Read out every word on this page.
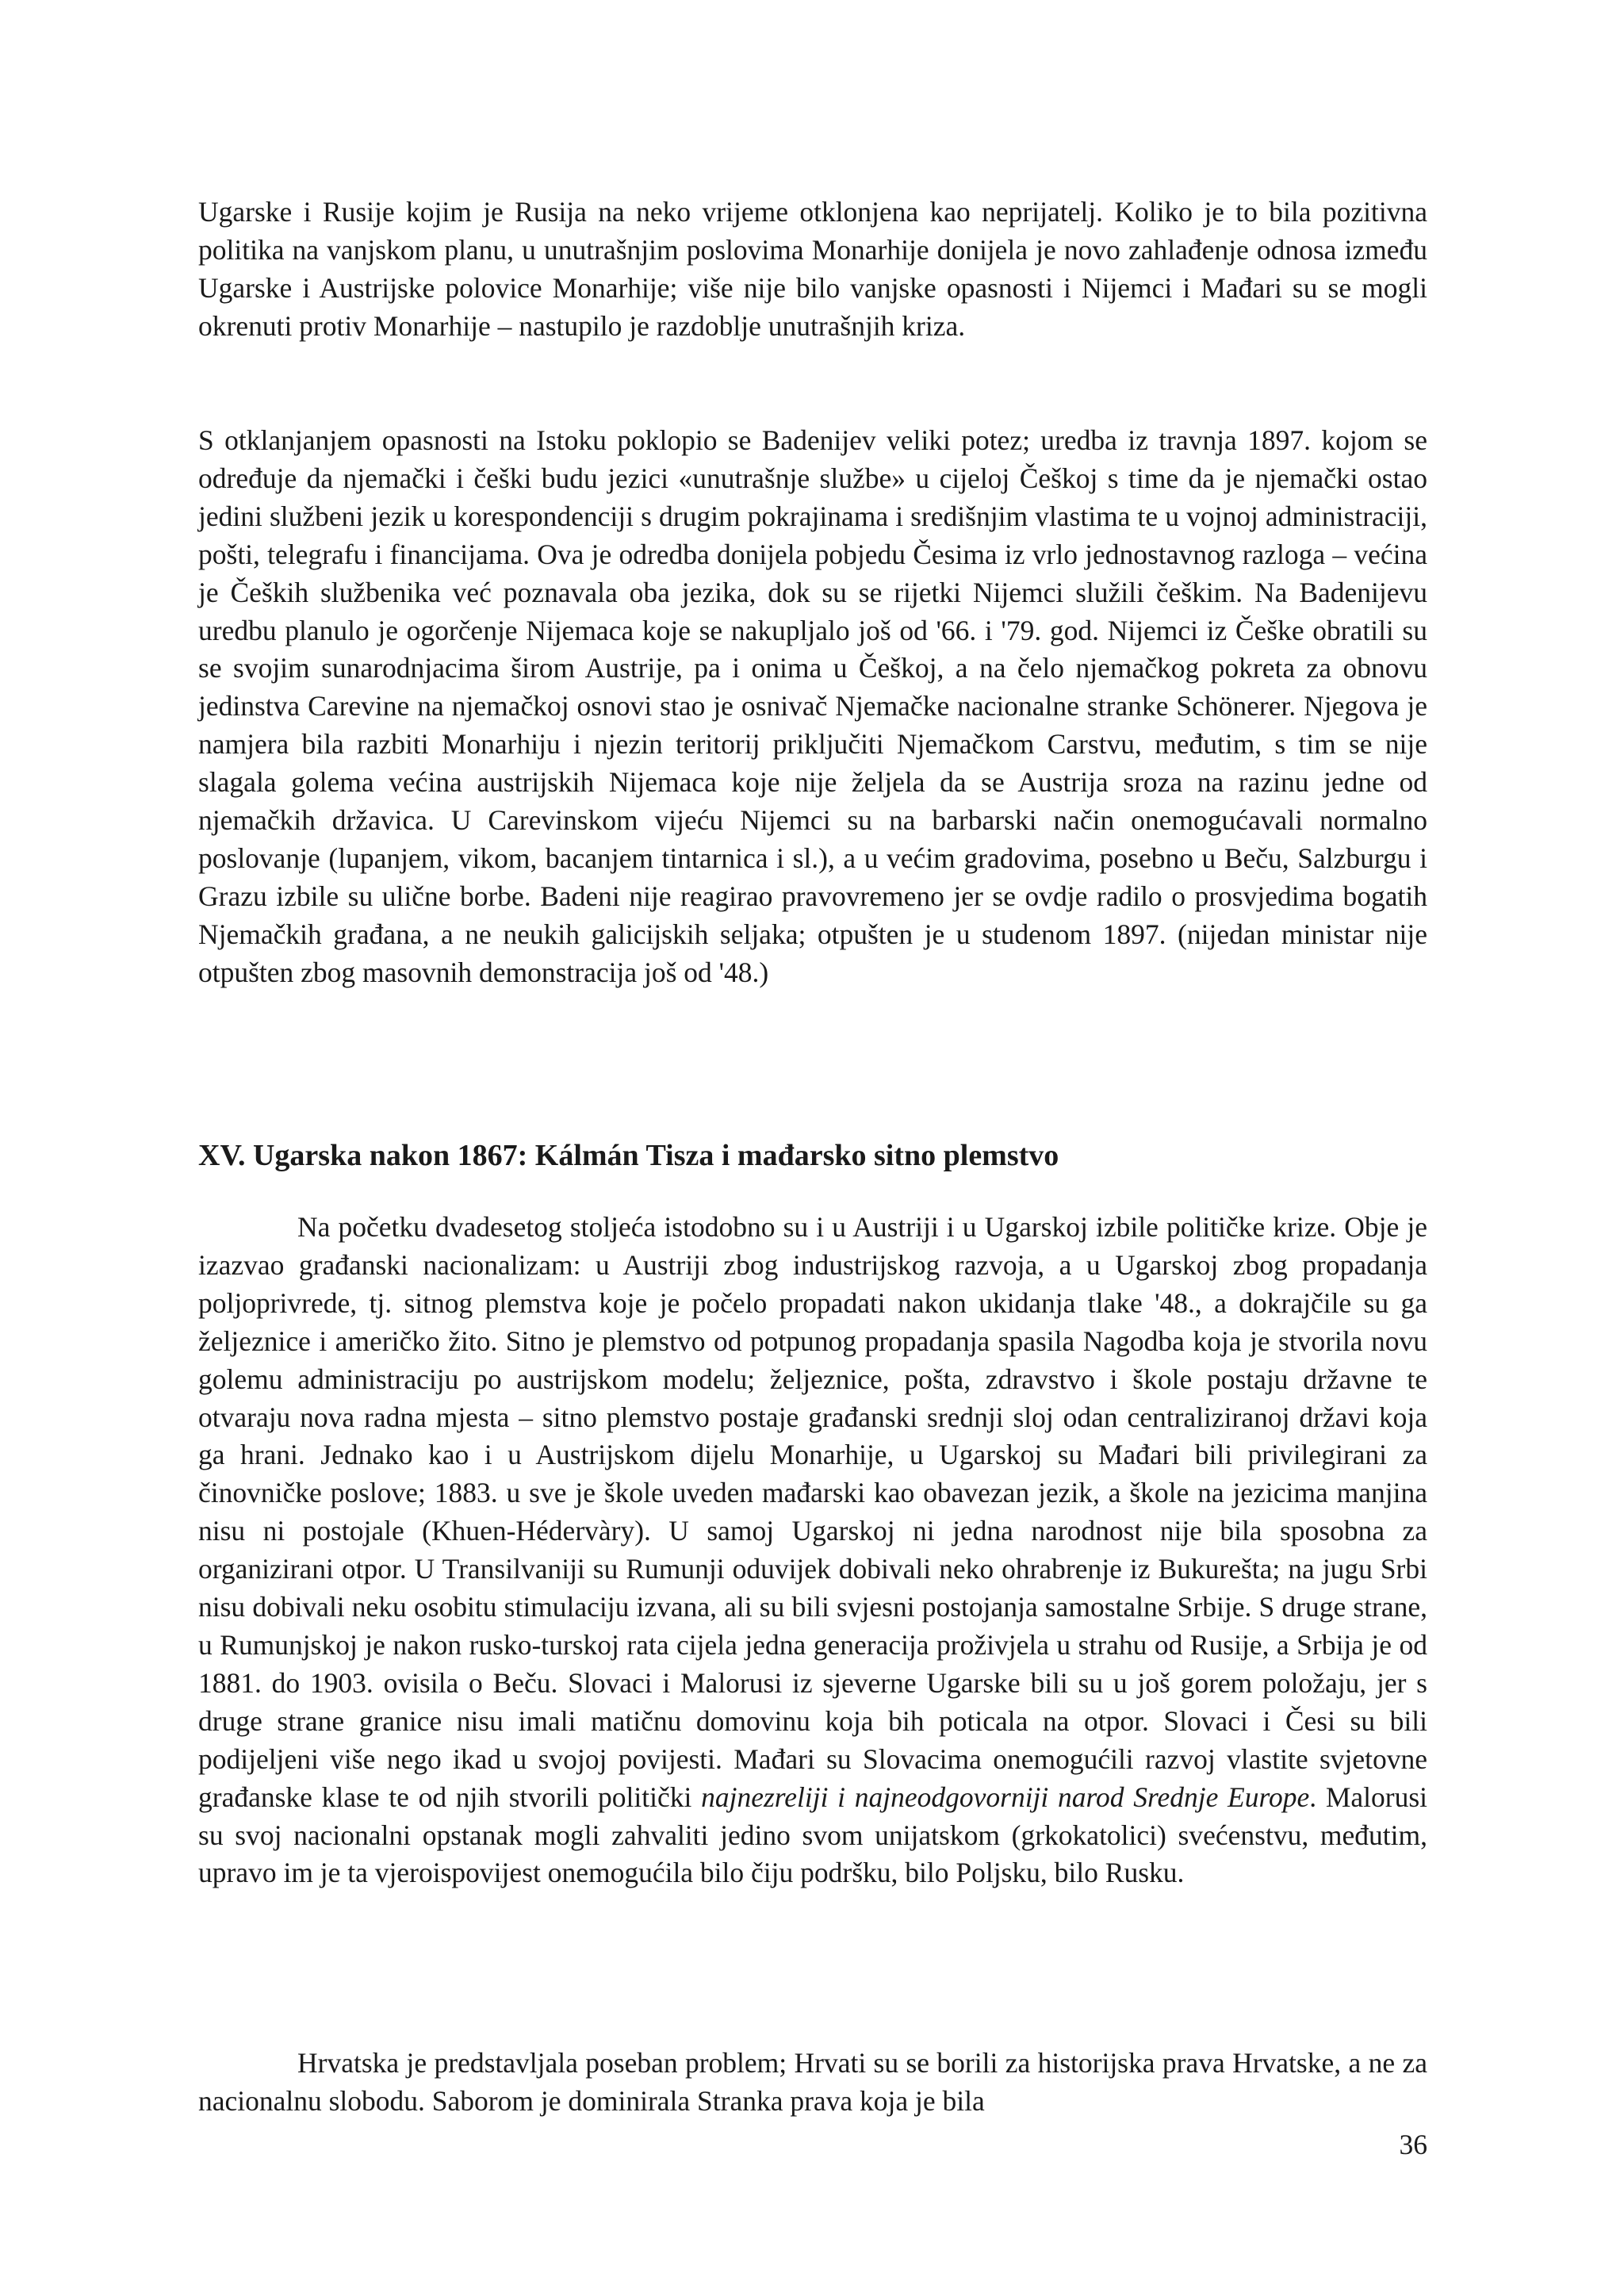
Ugarske i Rusije kojim je Rusija na neko vrijeme otklonjena kao neprijatelj. Koliko je to bila pozitivna politika na vanjskom planu, u unutrašnjim poslovima Monarhije donijela je novo zahlađenje odnosa između Ugarske i Austrijske polovice Monarhije; više nije bilo vanjske opasnosti i Nijemci i Mađari su se mogli okrenuti protiv Monarhije – nastupilo je razdoblje unutrašnjih kriza.

S otklanjanjem opasnosti na Istoku poklopio se Badenijev veliki potez; uredba iz travnja 1897. kojom se određuje da njemački i češki budu jezici «unutrašnje službe» u cijeloj Češkoj s time da je njemački ostao jedini službeni jezik u korespondenciji s drugim pokrajinama i središnjim vlastima te u vojnoj administraciji, pošti, telegrafu i financijama. Ova je odredba donijela pobjedu Česima iz vrlo jednostavnog razloga – većina je Čeških službenika već poznavala oba jezika, dok su se rijetki Nijemci služili češkim. Na Badenijevu uredbu planulo je ogorčenje Nijemaca koje se nakupljalo još od '66. i '79. god. Nijemci iz Češke obratili su se svojim sunarodnjacima širom Austrije, pa i onima u Češkoj, a na čelo njemačkog pokreta za obnovu jedinstva Carevine na njemačkoj osnovi stao je osnivač Njemačke nacionalne stranke Schönerer. Njegova je namjera bila razbiti Monarhiju i njezin teritorij priključiti Njemačkom Carstvu, međutim, s tim se nije slagala golema većina austrijskih Nijemaca koje nije željela da se Austrija sroza na razinu jedne od njemačkih državica. U Carevinskom vijeću Nijemci su na barbarski način onemogućavali normalno poslovanje (lupanjem, vikom, bacanjem tintarnica i sl.), a u većim gradovima, posebno u Beču, Salzburgu i Grazu izbile su ulične borbe. Badeni nije reagirao pravovremeno jer se ovdje radilo o prosvjedima bogatih Njemačkih građana, a ne neukih galicijskih seljaka; otpušten je u studenom 1897. (nijedan ministar nije otpušten zbog masovnih demonstracija još od '48.)

XV. Ugarska nakon 1867: Kálmán Tisza i mađarsko sitno plemstvo

Na početku dvadesetog stoljeća istodobno su i u Austriji i u Ugarskoj izbile političke krize. Obje je izazvao građanski nacionalizam: u Austriji zbog industrijskog razvoja, a u Ugarskoj zbog propadanja poljoprivrede, tj. sitnog plemstva koje je počelo propadati nakon ukidanja tlake '48., a dokrajčile su ga željeznice i američko žito. Sitno je plemstvo od potpunog propadanja spasila Nagodba koja je stvorila novu golemu administraciju po austrijskom modelu; željeznice, pošta, zdravstvo i škole postaju državne te otvaraju nova radna mjesta – sitno plemstvo postaje građanski srednji sloj odan centraliziranoj državi koja ga hrani. Jednako kao i u Austrijskom dijelu Monarhije, u Ugarskoj su Mađari bili privilegirani za činovničke poslove; 1883. u sve je škole uveden mađarski kao obavezan jezik, a škole na jezicima manjina nisu ni postojale (Khuen-Hédervàry). U samoj Ugarskoj ni jedna narodnost nije bila sposobna za organizirani otpor. U Transilvaniji su Rumunji oduvijek dobivali neko ohrabrenje iz Bukurešta; na jugu Srbi nisu dobivali neku osobitu stimulaciju izvana, ali su bili svjesni postojanja samostalne Srbije. S druge strane, u Rumunjskoj je nakon rusko-turskoj rata cijela jedna generacija proživjela u strahu od Rusije, a Srbija je od 1881. do 1903. ovisila o Beču. Slovaci i Malorusi iz sjeverne Ugarske bili su u još gorem položaju, jer s druge strane granice nisu imali matičnu domovinu koja bih poticala na otpor. Slovaci i Česi su bili podijeljeni više nego ikad u svojoj povijesti. Mađari su Slovacima onemogućili razvoj vlastite svjetovne građanske klase te od njih stvorili politički najnezreliji i najneodgovorniji narod Srednje Europe. Malorusi su svoj nacionalni opstanak mogli zahvaliti jedino svom unijatskom (grkokatolici) svećenstvu, međutim, upravo im je ta vjeroispovijest onemogućila bilo čiju podršku, bilo Poljsku, bilo Rusku.

Hrvatska je predstavljala poseban problem; Hrvati su se borili za historijska prava Hrvatske, a ne za nacionalnu slobodu. Saborom je dominirala Stranka prava koja je bila

36
